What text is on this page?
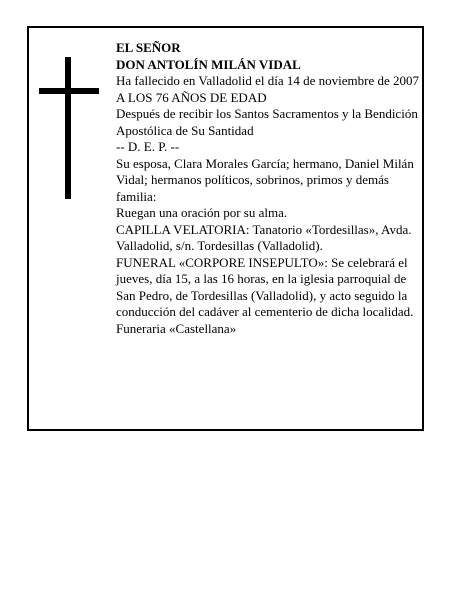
EL SEÑOR

DON ANTOLÍN MILÁN VIDAL

Ha fallecido en Valladolid el día 14 de noviembre de 2007

A LOS 76 AÑOS DE EDAD

Después de recibir los Santos Sacramentos y la Bendición Apostólica de Su Santidad

-- D. E. P. --

Su esposa, Clara Morales García; hermano, Daniel Milán Vidal; hermanos políticos, sobrinos, primos y demás familia:

Ruegan una oración por su alma.

CAPILLA VELATORIA: Tanatorio «Tordesillas», Avda. Valladolid, s/n. Tordesillas (Valladolid).

FUNERAL «CORPORE INSEPULTO»: Se celebrará el jueves, día 15, a las 16 horas, en la iglesia parroquial de San Pedro, de Tordesillas (Valladolid), y acto seguido la conducción del cadáver al cementerio de dicha localidad.

Funeraria «Castellana»
